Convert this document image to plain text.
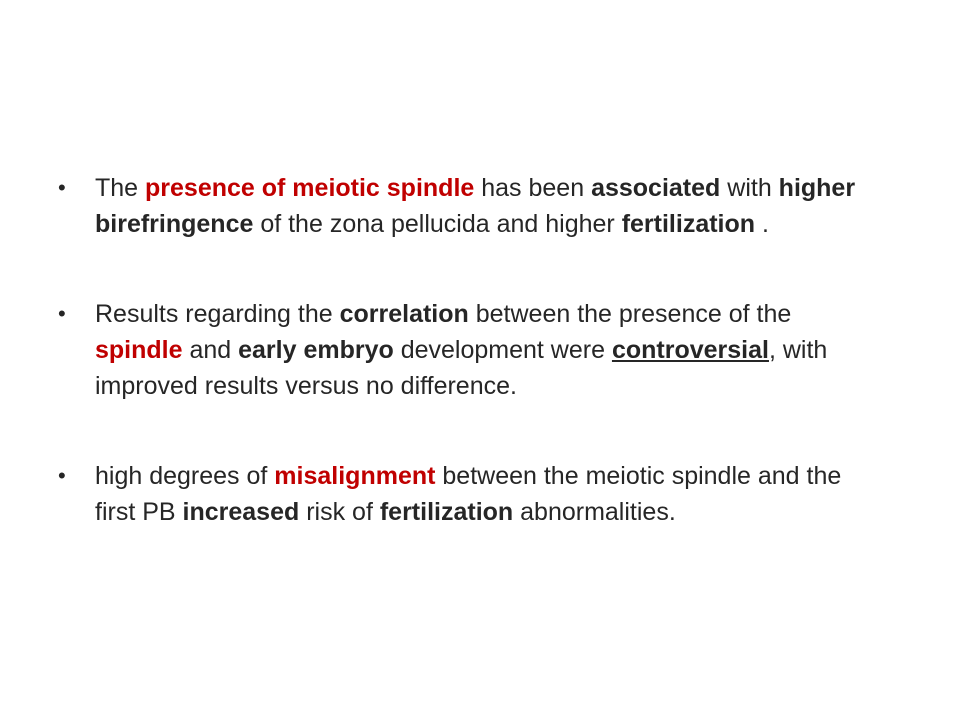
• The presence of meiotic spindle has been associated with higher birefringence of the zona pellucida and higher fertilization .
• Results regarding the correlation between the presence of the spindle and early embryo development were controversial, with improved results versus no difference.
• high degrees of misalignment between the meiotic spindle and the first PB increased risk of fertilization abnormalities.
